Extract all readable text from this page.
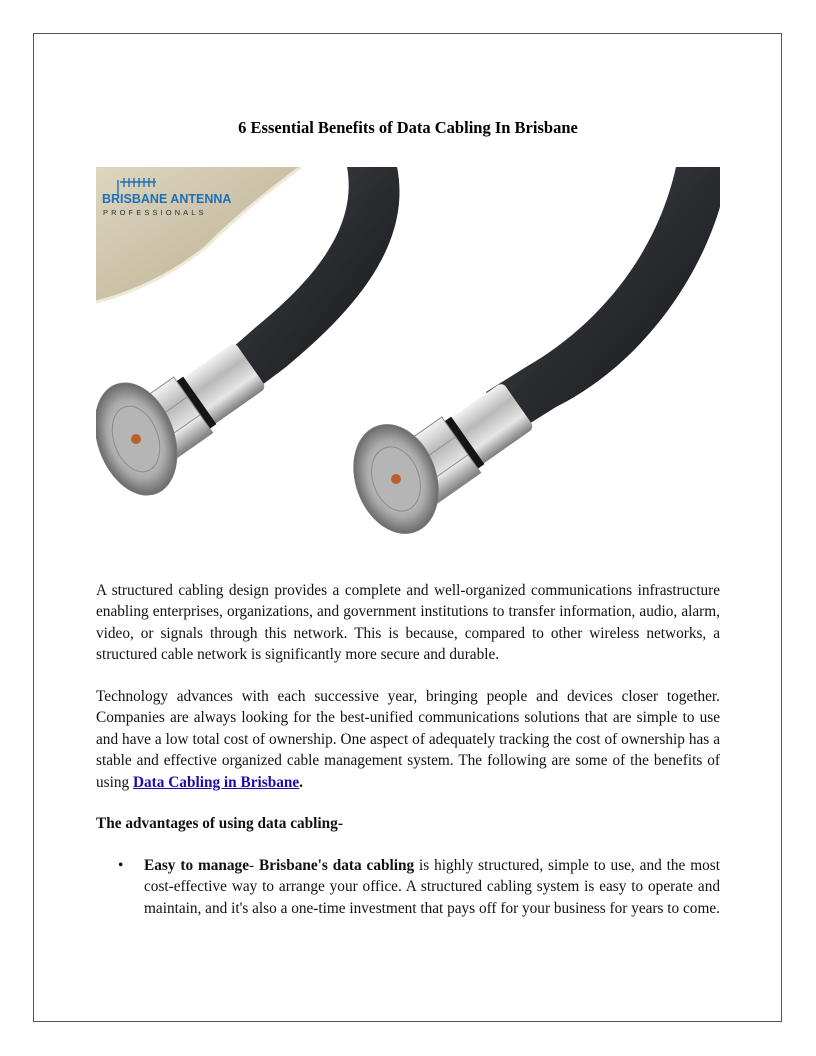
6 Essential Benefits of Data Cabling In Brisbane
BRISBANE ANTENNA
PROFESSIONALS

A structured cabling design provides a complete and well-organized communications infrastructure enabling enterprises, organizations, and government institutions to transfer information, audio, alarm, video, or signals through this network. This is because, compared to other wireless networks, a structured cable network is significantly more secure and durable.

Technology advances with each successive year, bringing people and devices closer together. Companies are always looking for the best-unified communications solutions that are simple to use and have a low total cost of ownership. One aspect of adequately tracking the cost of ownership has a stable and effective organized cable management system. The following are some of the benefits of using Data Cabling in Brisbane.

The advantages of using data cabling-

• Easy to manage- Brisbane's data cabling is highly structured, simple to use, and the most cost-effective way to arrange your office. A structured cabling system is easy to operate and maintain, and it's also a one-time investment that pays off for your business for years to come.
